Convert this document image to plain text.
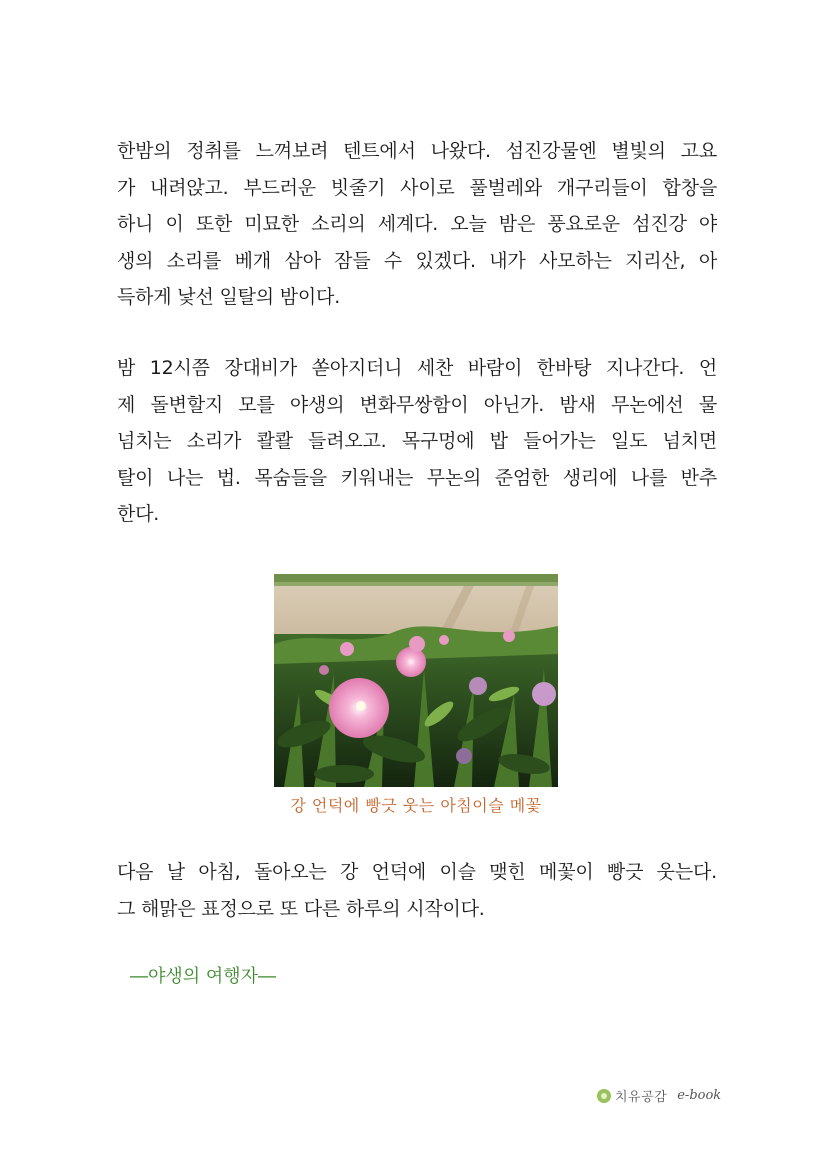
한밤의 정취를 느껴보려 텐트에서 나왔다. 섬진강물엔 별빛의 고요
가 내려앉고. 부드러운 빗줄기 사이로 풀벌레와 개구리들이 합창을
하니 이 또한 미묘한 소리의 세계다. 오늘 밤은 풍요로운 섬진강 야
생의 소리를 베개 삼아 잠들 수 있겠다. 내가 사모하는 지리산, 아
득하게 낯선 일탈의 밤이다.
밤 12시쯤 장대비가 쏟아지더니 세찬 바람이 한바탕 지나간다. 언
제 돌변할지 모를 야생의 변화무쌍함이 아닌가. 밤새 무논에선 물
넘치는 소리가 콸콸 들려오고. 목구멍에 밥 들어가는 일도 넘치면
탈이 나는 법. 목숨들을 키워내는 무논의 준엄한 생리에 나를 반추
한다.
강 언덕에 빵긋 웃는 아침이슬 메꽃
다음 날 아침, 돌아오는 강 언덕에 이슬 맺힌 메꽃이 빵긋 웃는다.
그 해맑은 표정으로 또 다른 하루의 시작이다.
―야생의 여행자―
치유공감 e-book
